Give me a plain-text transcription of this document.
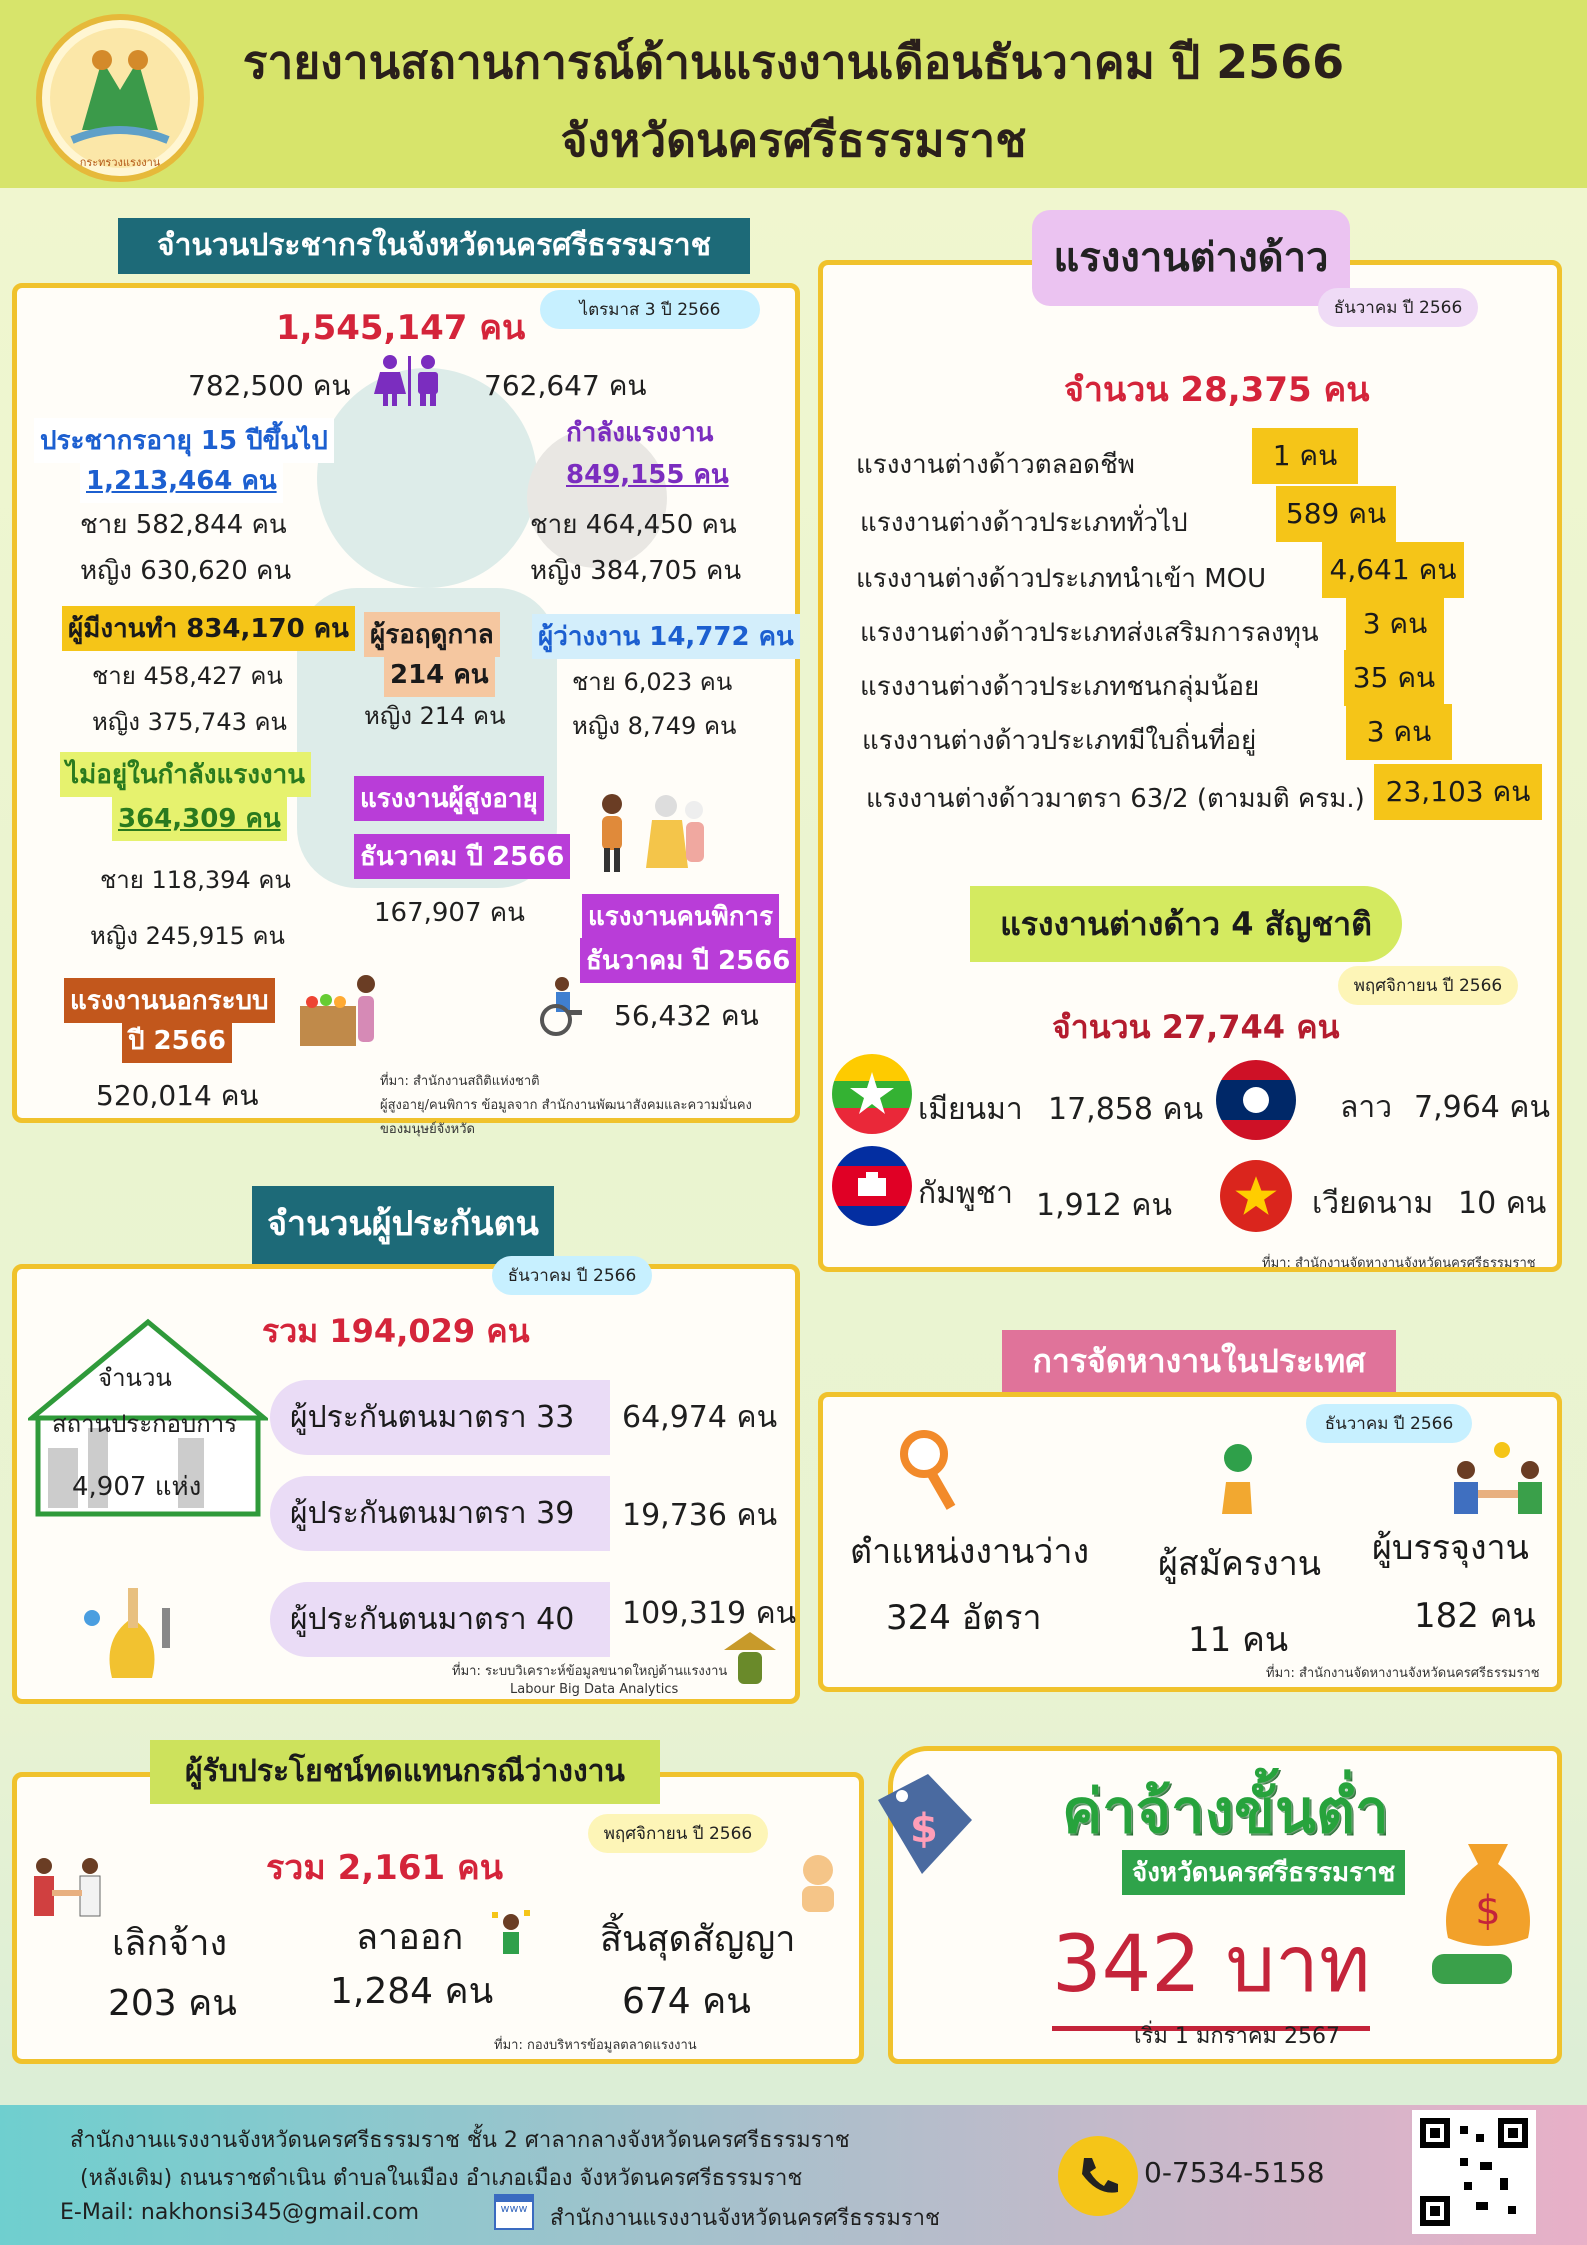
กระทรวงแรงงาน
รายงานสถานการณ์ด้านแรงงานเดือนธันวาคม ปี 2566
จังหวัดนครศรีธรรมราช
จำนวนประชากรในจังหวัดนครศรีธรรมราช
ไตรมาส 3 ปี 2566
1,545,147 คน
782,500 คน	762,647 คน
ประชากรอายุ 15 ปีขึ้นไป
1,213,464 คน
ชาย 582,844 คน
หญิง 630,620 คน
กำลังแรงงาน
849,155 คน
ชาย 464,450 คน
หญิง 384,705 คน
ผู้มีงานทำ 834,170 คน
ชาย 458,427 คน
หญิง 375,743 คน
ผู้รอฤดูกาล
214 คน
หญิง 214 คน
ผู้ว่างงาน 14,772 คน
ชาย 6,023 คน
หญิง 8,749 คน
ไม่อยู่ในกำลังแรงงาน
364,309 คน
ชาย 118,394 คน
หญิง 245,915 คน
แรงงานผู้สูงอายุ
ธันวาคม ปี 2566
167,907 คน แรงงานคนพิการ
ธันวาคม ปี 2566
56,432 คน
แรงงานนอกระบบ
ปี 2566
520,014 คน	ที่มา: สำนักงานสถิติแห่งชาติ
ผู้สูงอายุ/คนพิการ ข้อมูลจาก สำนักงานพัฒนาสังคมและความมั่นคง
ของมนุษย์จังหวัด
แรงงานต่างด้าว
ธันวาคม ปี 2566
จำนวน 28,375 คน
แรงงานต่างด้าวตลอดชีพ	1 คน
แรงงานต่างด้าวประเภททั่วไป	589 คน
แรงงานต่างด้าวประเภทนำเข้า MOU 4,641 คน
แรงงานต่างด้าวประเภทส่งเสริมการลงทุน	3 คน
แรงงานต่างด้าวประเภทชนกลุ่มน้อย	35 คน
แรงงานต่างด้าวประเภทมีใบถิ่นที่อยู่	3 คน
แรงงานต่างด้าวมาตรา 63/2 (ตามมติ ครม.) 23,103 คน
แรงงานต่างด้าว 4 สัญชาติ
พฤศจิกายน ปี 2566
จำนวน 27,744 คน
เมียนมา 17,858 คน	ลาว 7,964 คน
กัมพูชา 1,912 คน	เวียดนาม 10 คน
ที่มา: สำนักงานจัดหางานจังหวัดนครศรีธรรมราช
จำนวนผู้ประกันตน
ธันวาคม ปี 2566
รวม 194,029 คน
จำนวน
สถานประกอบการ
4,907 แห่ง
ผู้ประกันตนมาตรา 33	64,974 คน
ผู้ประกันตนมาตรา 39	19,736 คน
ผู้ประกันตนมาตรา 40	109,319 คน
ที่มา: ระบบวิเคราะห์ข้อมูลขนาดใหญ่ด้านแรงงาน
Labour Big Data Analytics
การจัดหางานในประเทศ
ธันวาคม ปี 2566
ตำแหน่งงานว่าง
324 อัตรา
ผู้สมัครงาน
11 คน
ผู้บรรจุงาน
182 คน
ที่มา: สำนักงานจัดหางานจังหวัดนครศรีธรรมราช
ผู้รับประโยชน์ทดแทนกรณีว่างงาน
พฤศจิกายน ปี 2566
รวม 2,161 คน
เลิกจ้าง
203 คน
ลาออก
1,284 คน
สิ้นสุดสัญญา
674 คน
ที่มา: กองบริหารข้อมูลตลาดแรงงาน
$ ค่าจ้างขั้นต่ำ
จังหวัดนครศรีธรรมราช
342 บาท
$
เริ่ม 1 มกราคม 2567
สำนักงานแรงงานจังหวัดนครศรีธรรมราช ชั้น 2 ศาลากลางจังหวัดนครศรีธรรมราช
(หลังเดิม) ถนนราชดำเนิน ตำบลในเมือง อำเภอเมือง จังหวัดนครศรีธรรมราช
E-Mail: nakhonsi345@gmail.com	www สำนักงานแรงงานจังหวัดนครศรีธรรมราช
0-7534-5158
